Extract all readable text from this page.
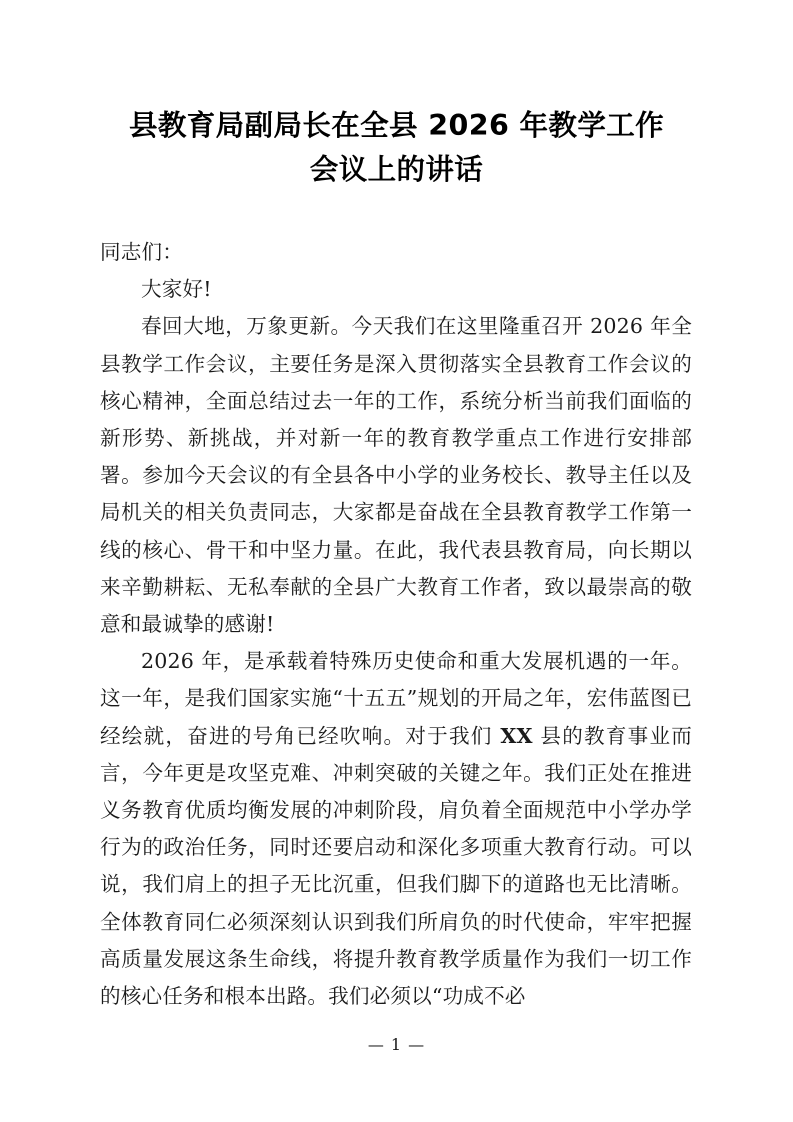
县教育局副局长在全县 2026 年教学工作
会议上的讲话

同志们：

大家好!

春回大地，万象更新。今天我们在这里隆重召开 2026 年全县教学工作会议，主要任务是深入贯彻落实全县教育工作会议的核心精神，全面总结过去一年的工作，系统分析当前我们面临的新形势、新挑战，并对新一年的教育教学重点工作进行安排部署。参加今天会议的有全县各中小学的业务校长、教导主任以及局机关的相关负责同志，大家都是奋战在全县教育教学工作第一线的核心、骨干和中坚力量。在此，我代表县教育局，向长期以来辛勤耕耘、无私奉献的全县广大教育工作者，致以最崇高的敬意和最诚挚的感谢!

2026 年，是承载着特殊历史使命和重大发展机遇的一年。这一年，是我们国家实施“十五五”规划的开局之年，宏伟蓝图已经绘就，奋进的号角已经吹响。对于我们 XX 县的教育事业而言，今年更是攻坚克难、冲刺突破的关键之年。我们正处在推进义务教育优质均衡发展的冲刺阶段，肩负着全面规范中小学办学行为的政治任务，同时还要启动和深化多项重大教育行动。可以说，我们肩上的担子无比沉重，但我们脚下的道路也无比清晰。全体教育同仁必须深刻认识到我们所肩负的时代使命，牢牢把握高质量发展这条生命线，将提升教育教学质量作为我们一切工作的核心任务和根本出路。我们必须以“功成不必

— 1 —
